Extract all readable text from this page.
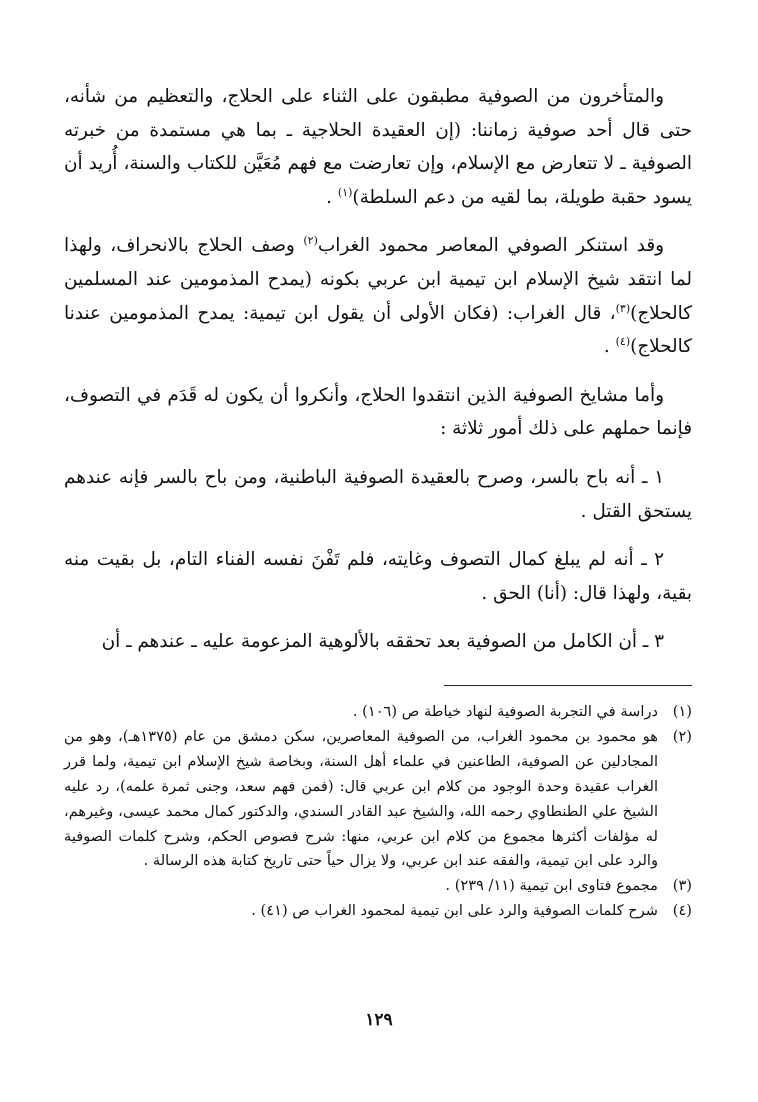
والمتأخرون من الصوفية مطبقون على الثناء على الحلاج، والتعظيم من شأنه، حتى قال أحد صوفية زماننا: (إن العقيدة الحلاجية ـ بما هي مستمدة من خبرته الصوفية ـ لا تتعارض مع الإسلام، وإن تعارضت مع فهم مُعَيَّن للكتاب والسنة، أُريد أن يسود حقبة طويلة، بما لقيه من دعم السلطة)$^{(١)}$ .

وقد استنكر الصوفي المعاصر محمود الغراب$^{(٢)}$ وصف الحلاج بالانحراف، ولهذا لما انتقد شيخ الإسلام ابن تيمية ابن عربي بكونه (يمدح المذمومين عند المسلمين كالحلاج)$^{(٣)}$، قال الغراب: (فكان الأولى أن يقول ابن تيمية: يمدح المذمومين عندنا كالحلاج)$^{(٤)}$ .

وأما مشايخ الصوفية الذين انتقدوا الحلاج، وأنكروا أن يكون له قَدَم في التصوف، فإنما حملهم على ذلك أمور ثلاثة :

١ ـ أنه باح بالسر، وصرح بالعقيدة الصوفية الباطنية، ومن باح بالسر فإنه عندهم يستحق القتل .

٢ ـ أنه لم يبلغ كمال التصوف وغايته، فلم تَفْنَ نفسه الفناء التام، بل بقيت منه بقية، ولهذا قال: (أنا) الحق .

٣ ـ أن الكامل من الصوفية بعد تحققه بالألوهية المزعومة عليه ـ عندهم ـ أن

(١)
دراسة في التجربة الصوفية لنهاد خياطة ص (١٠٦) .
(٢)
هو محمود بن محمود الغراب، من الصوفية المعاصرين، سكن دمشق من عام (١٣٧٥هـ)، وهو من المجادلين عن الصوفية، الطاعنين في علماء أهل السنة، وبخاصة شيخ الإسلام ابن تيمية، ولما قرر الغراب عقيدة وحدة الوجود من كلام ابن عربي قال: (فمن فهم سعد، وجنى ثمرة علمه)، رد عليه الشيخ علي الطنطاوي رحمه الله، والشيخ عبد القادر السندي، والدكتور كمال محمد عيسى، وغيرهم، له مؤلفات أكثرها مجموع من كلام ابن عربي، منها: شرح فصوص الحكم، وشرح كلمات الصوفية والرد على ابن تيمية، والفقه عند ابن عربي، ولا يزال حياً حتى تاريخ كتابة هذه الرسالة .
(٣)
مجموع فتاوى ابن تيمية (١١/ ٢٣٩) .
(٤)
شرح كلمات الصوفية والرد على ابن تيمية لمحمود الغراب ص (٤١) .
١٢٩
